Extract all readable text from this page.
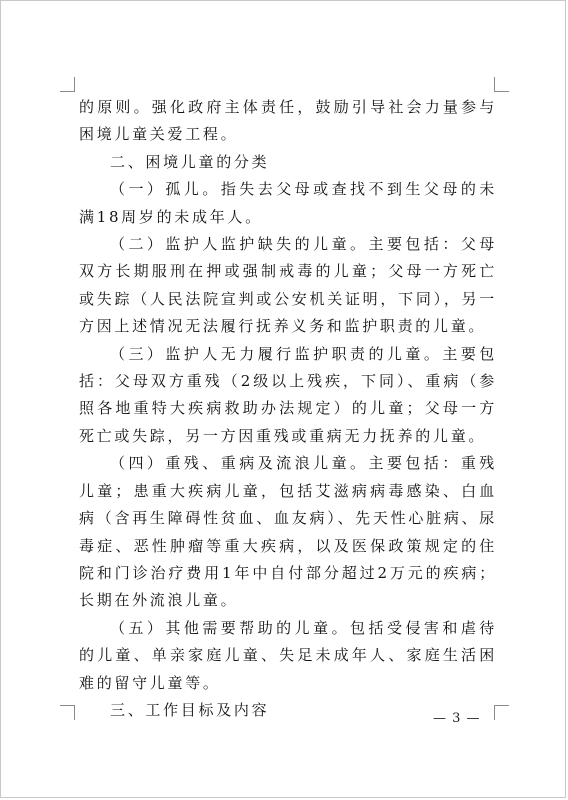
的原则。强化政府主体责任，鼓励引导社会力量参与困境儿童关爱工程。

二、困境儿童的分类

（一）孤儿。指失去父母或查找不到生父母的未满18周岁的未成年人。

（二）监护人监护缺失的儿童。主要包括：父母双方长期服刑在押或强制戒毒的儿童；父母一方死亡或失踪（人民法院宣判或公安机关证明，下同），另一方因上述情况无法履行抚养义务和监护职责的儿童。

（三）监护人无力履行监护职责的儿童。主要包括：父母双方重残（2级以上残疾，下同）、重病（参照各地重特大疾病救助办法规定）的儿童；父母一方死亡或失踪，另一方因重残或重病无力抚养的儿童。

（四）重残、重病及流浪儿童。主要包括：重残儿童；患重大疾病儿童，包括艾滋病病毒感染、白血病（含再生障碍性贫血、血友病）、先天性心脏病、尿毒症、恶性肿瘤等重大疾病，以及医保政策规定的住院和门诊治疗费用1年中自付部分超过2万元的疾病；长期在外流浪儿童。

（五）其他需要帮助的儿童。包括受侵害和虐待的儿童、单亲家庭儿童、失足未成年人、家庭生活困难的留守儿童等。

三、工作目标及内容	— 3 —
